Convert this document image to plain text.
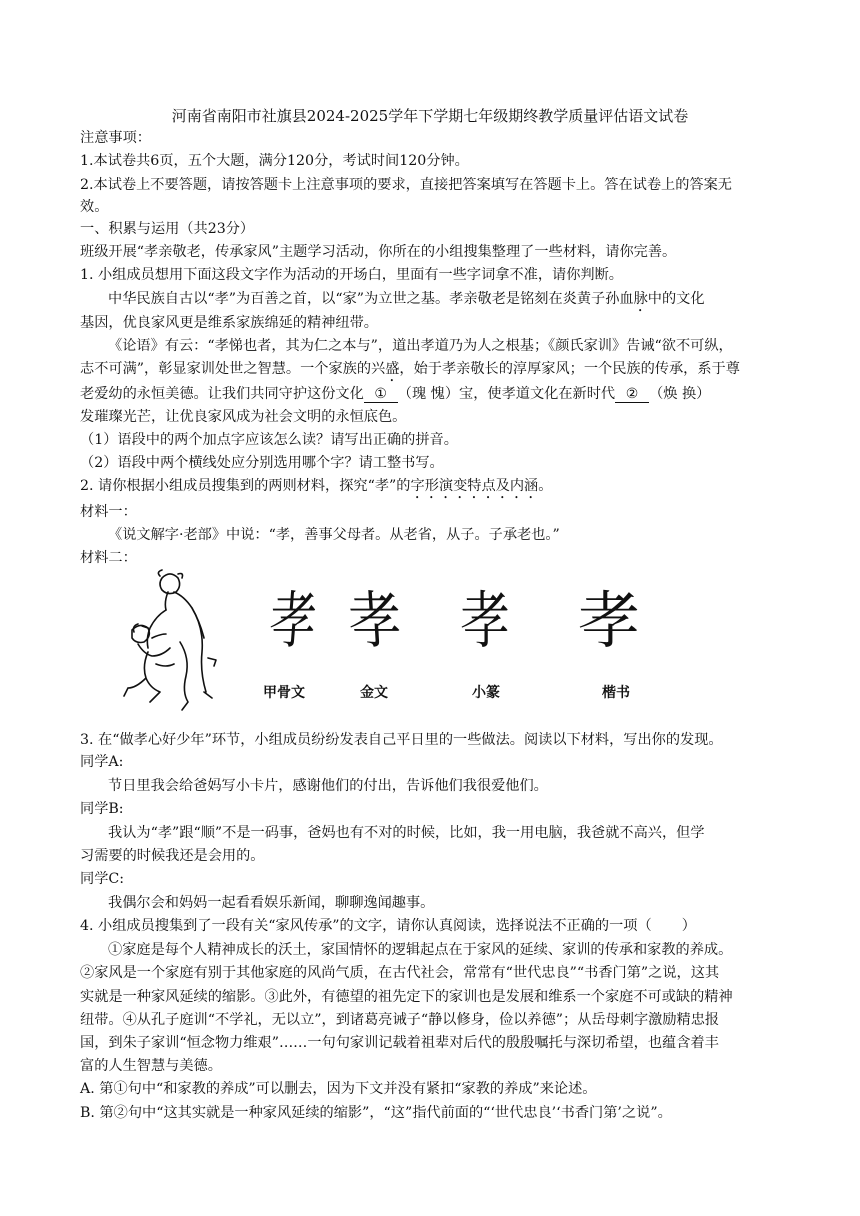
河南省南阳市社旗县2024-2025学年下学期七年级期终教学质量评估语文试卷
注意事项：
1.本试卷共6页，五个大题，满分120分，考试时间120分钟。
2.本试卷上不要答题，请按答题卡上注意事项的要求，直接把答案填写在答题卡上。答在试卷上的答案无
效。
一、积累与运用（共23分）
班级开展“孝亲敬老，传承家风”主题学习活动，你所在的小组搜集整理了一些材料，请你完善。
1. 小组成员想用下面这段文字作为活动的开场白，里面有一些字词拿不准，请你判断。
中华民族自古以“孝”为百善之首，以“家”为立世之基。孝亲敬老是铭刻在炎黄子孙血脉中的文化
基因，优良家风更是维系家族绵延的精神纽带。
《论语》有云：“孝悌也者，其为仁之本与”，道出孝道乃为人之根基；《颜氏家训》告诫“欲不可纵，
志不可满”，彰显家训处世之智慧。一个家族的兴盛，始于孝亲敬长的淳厚家风；一个民族的传承，系于尊
老爱幼的永恒美德。让我们共同守护这份文化 ① （瑰 愧）宝，使孝道文化在新时代 ② （焕 换）
发璀璨光芒，让优良家风成为社会文明的永恒底色。
（1）语段中的两个加点字应该怎么读？请写出正确的拼音。
（2）语段中两个横线处应分别选用哪个字？请工整书写。
2. 请你根据小组成员搜集到的两则材料，探究“孝”的字形演变特点及内涵。
材料一：
《说文解字·老部》中说：“孝，善事父母者。从老省，从子。子承老也。”
材料二：
孝
甲骨文
孝
金文
孝
小篆
孝
楷书
3. 在“做孝心好少年”环节，小组成员纷纷发表自己平日里的一些做法。阅读以下材料，写出你的发现。
同学A:
节日里我会给爸妈写小卡片，感谢他们的付出，告诉他们我很爱他们。
同学B:
我认为“孝”跟“顺”不是一码事，爸妈也有不对的时候，比如，我一用电脑，我爸就不高兴，但学
习需要的时候我还是会用的。
同学C:
我偶尔会和妈妈一起看看娱乐新闻，聊聊逸闻趣事。
4. 小组成员搜集到了一段有关“家风传承”的文字，请你认真阅读，选择说法不正确的一项（ ）
①家庭是每个人精神成长的沃土，家国情怀的逻辑起点在于家风的延续、家训的传承和家教的养成。
②家风是一个家庭有别于其他家庭的风尚气质，在古代社会，常常有“世代忠良”“书香门第”之说，这其
实就是一种家风延续的缩影。③此外，有德望的祖先定下的家训也是发展和维系一个家庭不可或缺的精神
纽带。④从孔子庭训“不学礼，无以立”，到诸葛亮诫子“静以修身，俭以养德”；从岳母刺字激励精忠报
国，到朱子家训“恒念物力维艰”……一句句家训记载着祖辈对后代的殷殷嘱托与深切希望，也蕴含着丰
富的人生智慧与美德。
A. 第①句中“和家教的养成”可以删去，因为下文并没有紧扣“家教的养成”来论述。
B. 第②句中“这其实就是一种家风延续的缩影”，“这”指代前面的“‘世代忠良’‘书香门第’之说”。
